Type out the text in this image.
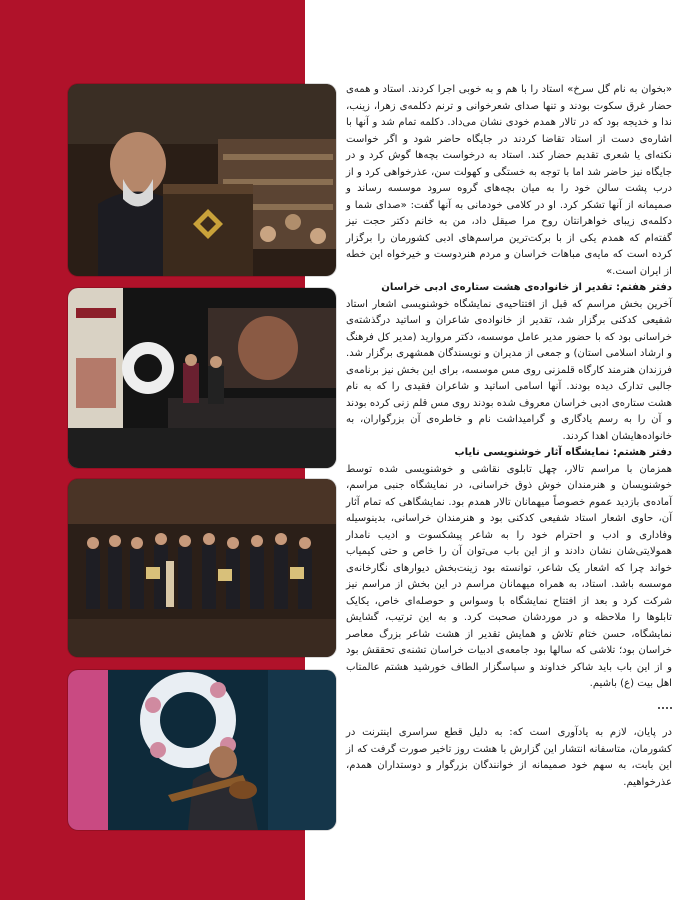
«بخوان به نام گل سرخ» استاد را با هم و به خوبی اجرا کردند. استاد و همه‌ی حضار غرق سکوت بودند و تنها صدای شعرخوانی و ترنم دکلمه‌ی زهرا، زینب، ندا و خدیجه بود که در تالار همدم خودی نشان می‌داد. دکلمه تمام شد و آنها با اشاره‌ی دست از استاد تقاضا کردند در جایگاه حاضر شود و اگر خواست نکته‌ای یا شعری تقدیم حضار کند. استاد به درخواست بچه‌ها گوش کرد و در جایگاه نیز حاضر شد اما با توجه به خستگی و کهولت سن، عذرخواهی کرد و از درب پشت سالن خود را به میان بچه‌های گروه سرود موسسه رساند و صمیمانه از آنها تشکر کرد. او در کلامی خودمانی به آنها گفت: «صدای شما و دکلمه‌ی زیبای خواهرانتان روح مرا صیقل داد، من به خانم دکتر حجت نیز گفته‌ام که همدم یکی از با برکت‌ترین مراسم‌های ادبی کشورمان را برگزار کرده است که مایه‌ی مباهات خراسان و مردم هنردوست و خیرخواه این خطه از ایران است.»

دفتر هفتم: تقدیر از خانواده‌ی هشت ستاره‌ی ادبی خراسان

آخرین بخش مراسم که قبل از افتتاحیه‌ی نمایشگاه خوشنویسی اشعار استاد شفیعی کدکنی برگزار شد، تقدیر از خانواده‌ی شاعران و اساتید درگذشته‌ی خراسانی بود که با حضور مدیر عامل موسسه، دکتر مروارید (مدیر کل فرهنگ و ارشاد اسلامی استان) و جمعی از مدیران و نویسندگان همشهری برگزار شد. فرزندان هنرمند کارگاه قلمزنی روی مس موسسه، برای این بخش نیز برنامه‌ی جالبی تدارک دیده بودند. آنها اسامی اساتید و شاعران فقیدی را که به نام هشت ستاره‌ی ادبی خراسان معروف شده بودند روی مس قلم زنی کرده بودند و آن را به رسم یادگاری و گرامیداشت نام و خاطره‌ی آن بزرگواران، به خانواده‌هایشان اهدا کردند.

دفتر هشتم: نمایشگاه آثار خوشنویسی نایاب

همزمان با مراسم تالار، چهل تابلوی نقاشی و خوشنویسی شده توسط خوشنویسان و هنرمندان خوش ذوق خراسانی، در نمایشگاه جنبی مراسم، آماده‌ی بازدید عموم خصوصاً میهمانان تالار همدم بود. نمایشگاهی که تمام آثار آن، حاوی اشعار استاد شفیعی کدکنی بود و هنرمندان خراسانی، بدینوسیله وفاداری و ادب و احترام خود را به شاعر پیشکسوت و ادیب نامدار همولایتی‌شان نشان دادند و از این باب می‌توان آن را خاص و حتی کیمیاب خواند چرا که اشعار یک شاعر، توانسته بود زینت‌بخش دیوارهای نگارخانه‌ی موسسه باشد. استاد، به همراه میهمانان مراسم در این بخش از مراسم نیز شرکت کرد و بعد از افتتاح نمایشگاه با وسواس و حوصله‌ای خاص، یکایک تابلوها را ملاحظه و در موردشان صحبت کرد. و به این ترتیب، گشایش نمایشگاه، حسن ختام تلاش و همایش تقدیر از هشت شاعر بزرگ معاصر خراسان بود؛ تلاشی که سالها بود جامعه‌ی ادبیات خراسان تشنه‌ی تحققش بود و از این باب باید شاکر خداوند و سپاسگزار الطاف خورشید هشتم عالمتاب اهل بیت (ع) باشیم.

در پایان، لازم به یادآوری است که: به دلیل قطع سراسری اینترنت در کشورمان، متاسفانه انتشار این گزارش با هشت روز تاخیر صورت گرفت که از این بابت، به سهم خود صمیمانه از خوانندگان بزرگوار و دوستداران همدم، عذرخواهیم.
